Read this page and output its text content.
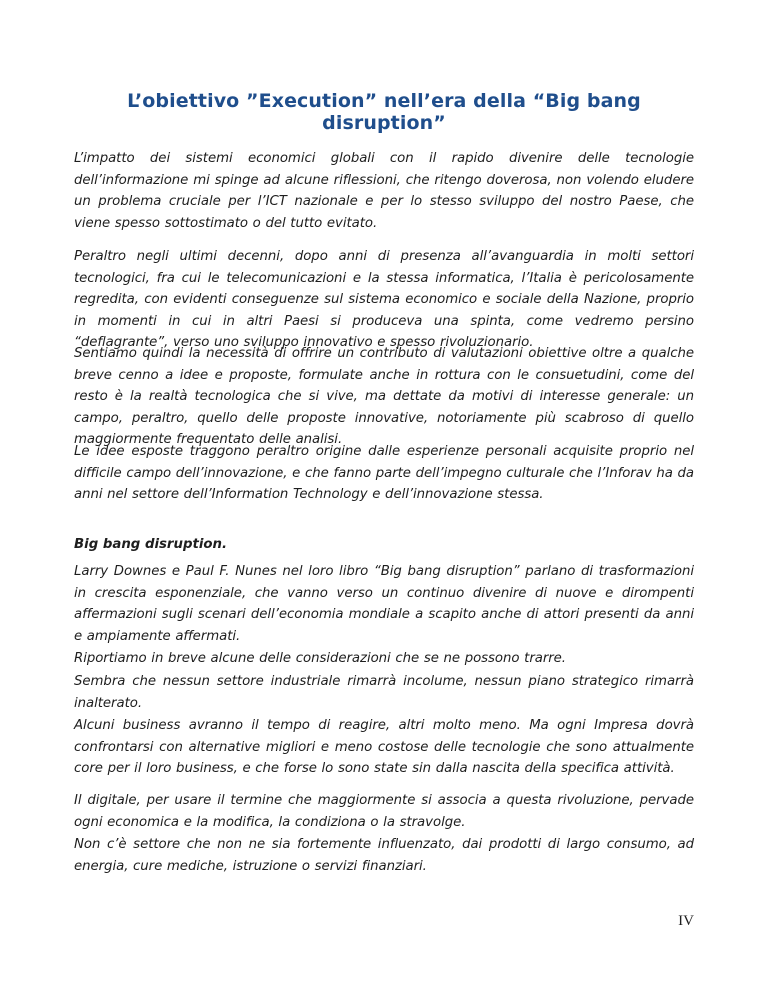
L’obiettivo ”Execution” nell’era della “Big bang disruption”

L’impatto dei sistemi economici globali con il rapido divenire delle tecnologie dell’informazione mi spinge ad alcune riflessioni, che ritengo doverosa, non volendo eludere un problema cruciale per l’ICT nazionale e per lo stesso sviluppo del nostro Paese, che viene spesso sottostimato o del tutto evitato.

Peraltro negli ultimi decenni, dopo anni di presenza all’avanguardia in molti settori tecnologici, fra cui le telecomunicazioni e la stessa informatica, l’Italia è pericolosamente regredita, con evidenti conseguenze sul sistema economico e sociale della Nazione, proprio in momenti in cui in altri Paesi si produceva una spinta, come vedremo persino “deflagrante”, verso uno sviluppo innovativo e spesso rivoluzionario.

Sentiamo quindi la necessità di offrire un contributo di valutazioni obiettive oltre a qualche breve cenno a idee e proposte, formulate anche in rottura con le consuetudini, come del resto è la realtà tecnologica che si vive, ma dettate da motivi di interesse generale: un campo, peraltro, quello delle proposte innovative, notoriamente più scabroso di quello maggiormente frequentato delle analisi.

Le idee esposte traggono peraltro origine dalle esperienze personali acquisite proprio nel difficile campo dell’innovazione, e che fanno parte dell’impegno culturale che l’Inforav ha da anni nel settore dell’Information Technology e dell’innovazione stessa.

Big bang disruption.

Larry Downes e Paul F. Nunes nel loro libro “Big bang disruption” parlano di trasformazioni in crescita esponenziale, che vanno verso un continuo divenire di nuove e dirompenti affermazioni sugli scenari dell’economia mondiale a scapito anche di attori presenti da anni e ampiamente affermati.

Riportiamo in breve alcune delle considerazioni che se ne possono trarre.

Sembra che nessun settore industriale rimarrà incolume, nessun piano strategico rimarrà inalterato.

Alcuni business avranno il tempo di reagire, altri molto meno. Ma ogni Impresa dovrà confrontarsi con alternative migliori e meno costose delle tecnologie che sono attualmente core per il loro business, e che forse lo sono state sin dalla nascita della specifica attività.

Il digitale, per usare il termine che maggiormente si associa a questa rivoluzione, pervade ogni economica e la modifica, la condiziona o la stravolge.

Non c’è settore che non ne sia fortemente influenzato, dai prodotti di largo consumo, ad energia, cure mediche, istruzione o servizi finanziari.

IV
